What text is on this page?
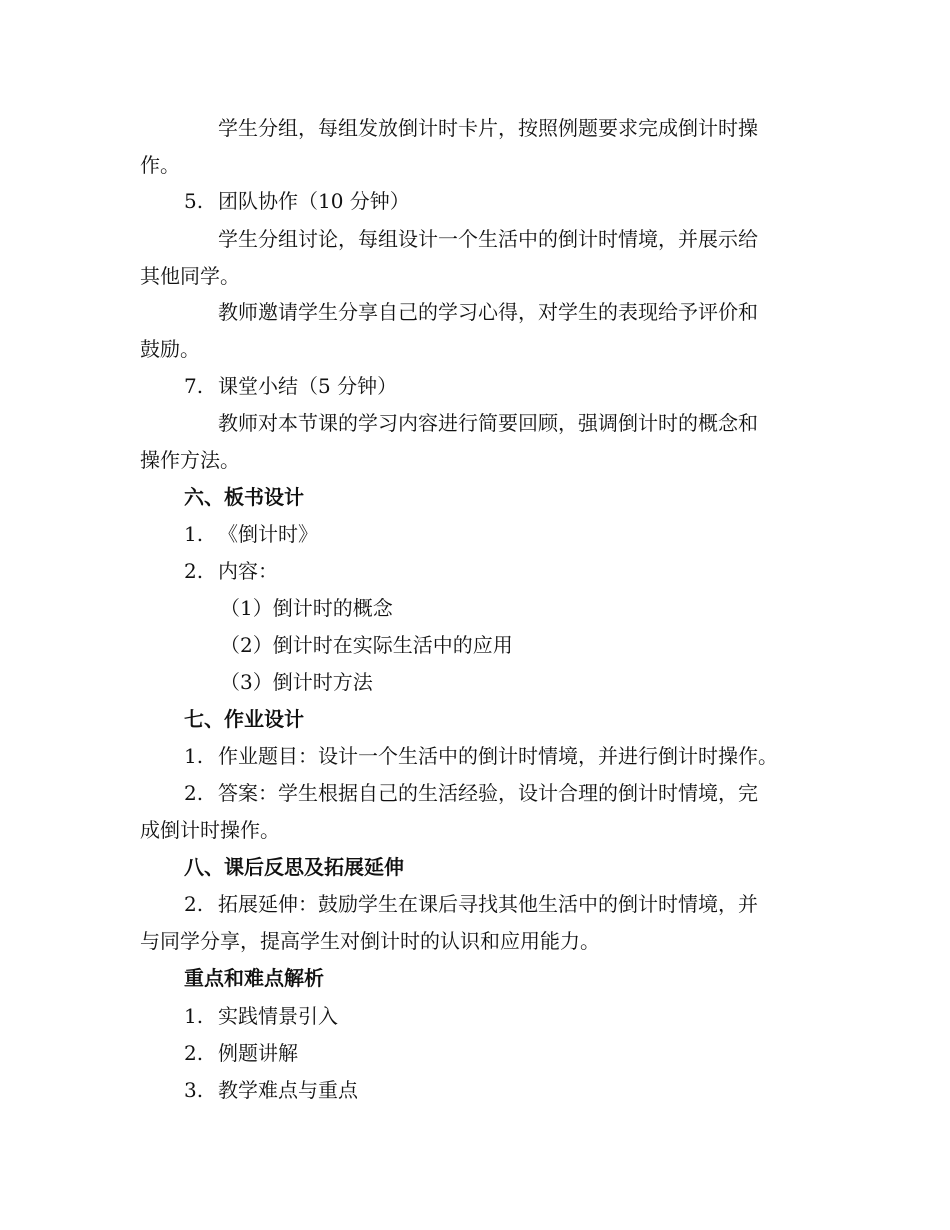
学生分组，每组发放倒计时卡片，按照例题要求完成倒计时操
作。
5. 团队协作（10 分钟）
学生分组讨论，每组设计一个生活中的倒计时情境，并展示给
其他同学。
教师邀请学生分享自己的学习心得，对学生的表现给予评价和
鼓励。
7. 课堂小结（5 分钟）
教师对本节课的学习内容进行简要回顾，强调倒计时的概念和
操作方法。
六、板书设计
1. 《倒计时》
2. 内容：
（1）倒计时的概念
（2）倒计时在实际生活中的应用
（3）倒计时方法
七、作业设计
1. 作业题目：设计一个生活中的倒计时情境，并进行倒计时操作。
2. 答案：学生根据自己的生活经验，设计合理的倒计时情境，完
成倒计时操作。
八、课后反思及拓展延伸
2. 拓展延伸：鼓励学生在课后寻找其他生活中的倒计时情境，并
与同学分享，提高学生对倒计时的认识和应用能力。
重点和难点解析
1. 实践情景引入
2. 例题讲解
3. 教学难点与重点
